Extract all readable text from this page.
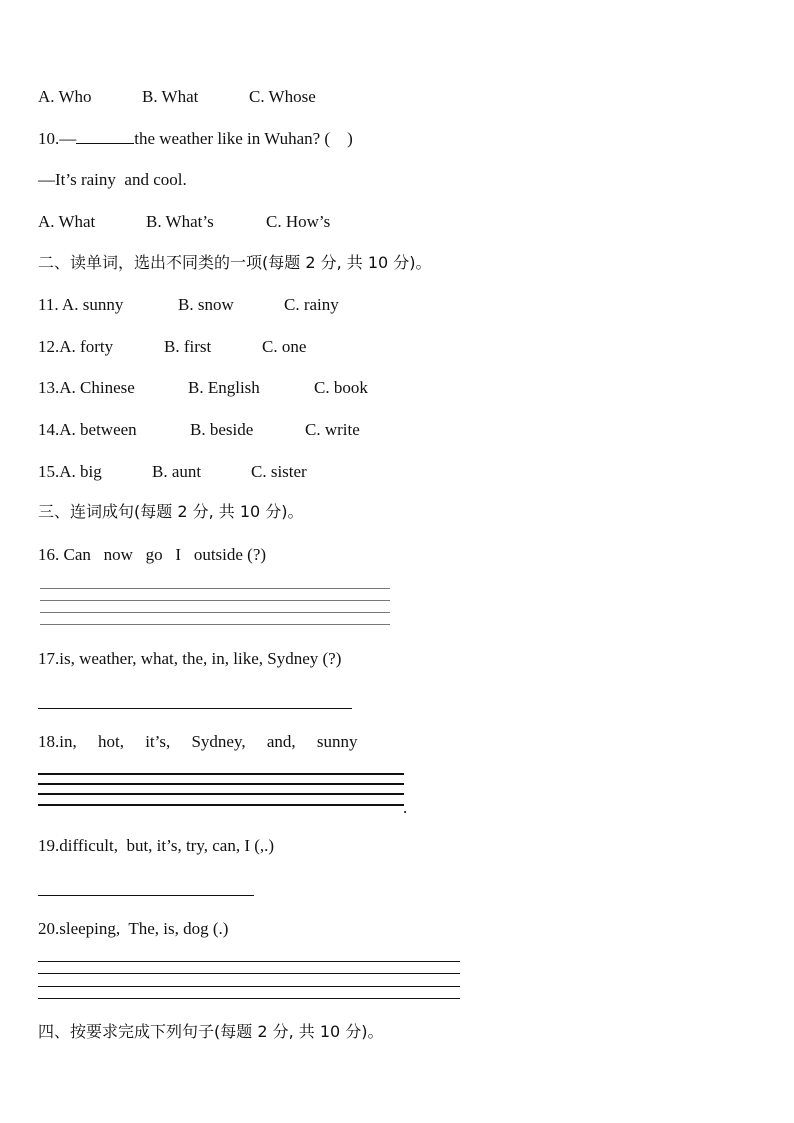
A. Who

	B. What

	C. Whose

10.—	the weather like in Wuhan? (    )
—It’s rainy  and cool.

A. What

	B. What’s

	C. How’s

二、读单词，选出不同类的一项(每题 2 分, 共 10 分)。

11. A. sunny

	B. snow

	C. rainy

12.A. forty

	B. first

	C. one

13.A. Chinese

	B. English

	C. book

14.A. between

	B. beside

	C. write

15.A. big

	B. aunt

	C. sister

三、连词成句(每题 2 分, 共 10 分)。
16. Can   now   go   I   outside (?)
17.is, weather, what, the, in, like, Sydney (?)
18.in,     hot,     it’s,     Sydney,     and,     sunny
.
19.difficult,  but, it’s, try, can, I (,.)
20.sleeping,  The, is, dog (.)
四、按要求完成下列句子(每题 2 分, 共 10 分)。
